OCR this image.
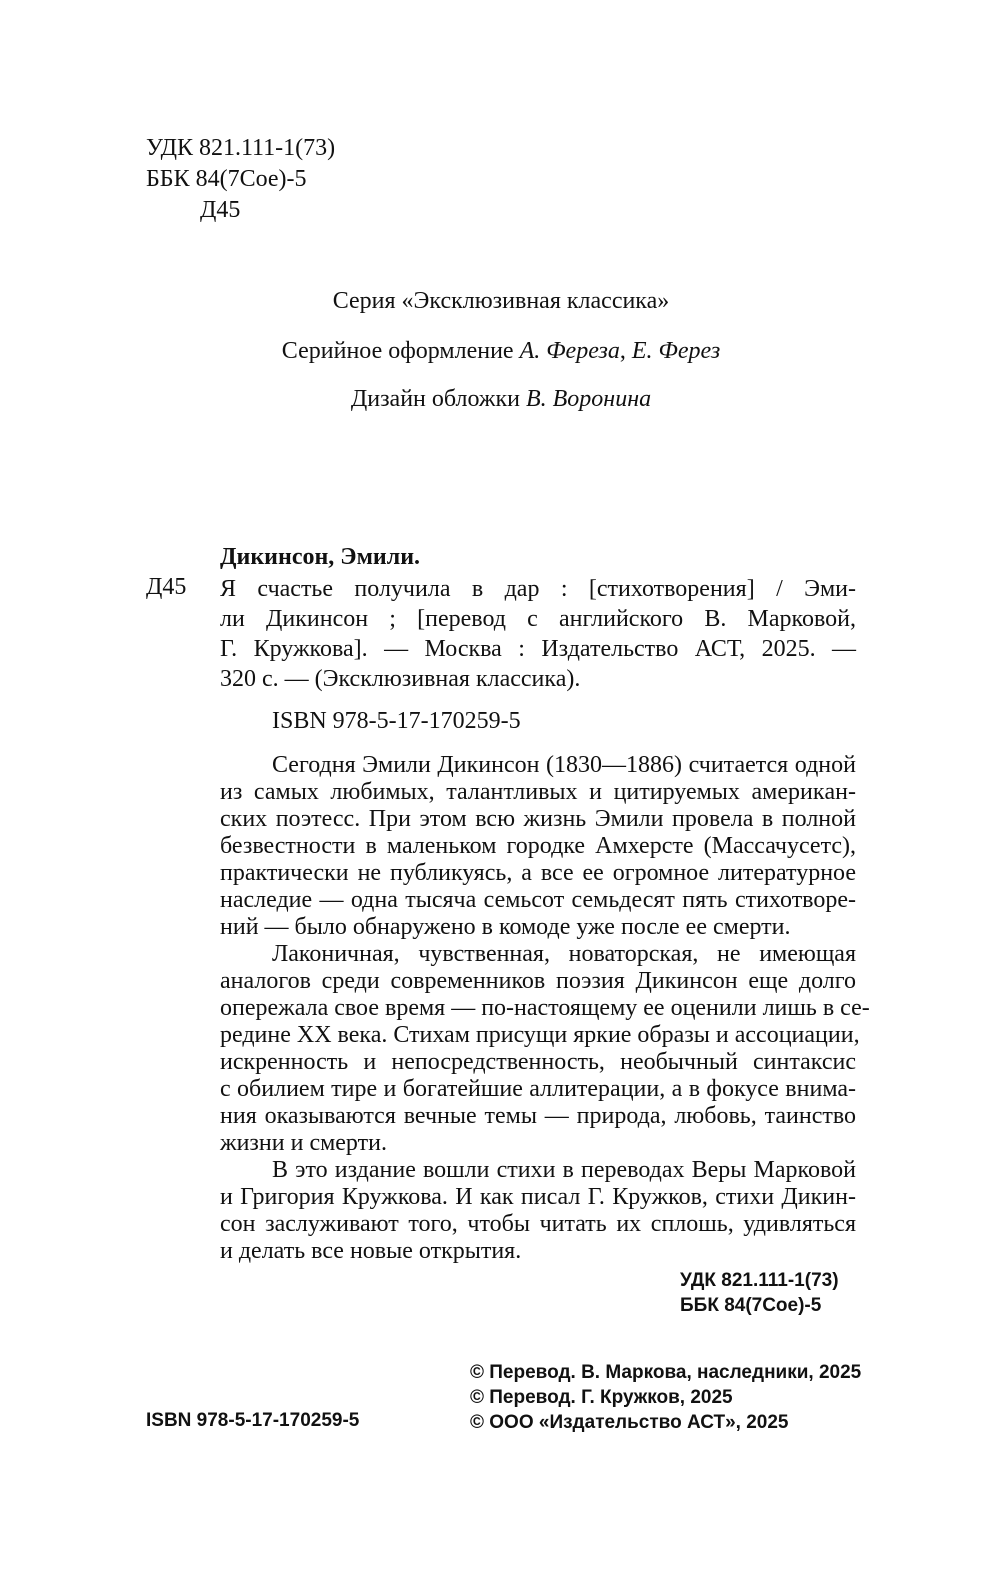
УДК 821.111-1(73)
ББК 84(7Сое)-5
Д45
Серия «Эксклюзивная классика»
Серийное оформление А. Фереза, Е. Ферез
Дизайн обложки В. Воронина
Дикинсон, Эмили.
Д45 Я счастье получила в дар : [стихотворения] / Эми-
ли Дикинсон ; [перевод с английского В. Марковой,
Г. Кружкова]. — Москва : Издательство АСТ, 2025. —
320 с. — (Эксклюзивная классика).
ISBN 978-5-17-170259-5
Сегодня Эмили Дикинсон (1830—1886) считается одной
из самых любимых, талантливых и цитируемых америкaн-
ских поэтесс. При этом всю жизнь Эмили провела в полной
безвестности в маленьком городке Амхерсте (Массачусетс),
практически не публикуясь, а все ее огромное литературное
наследие — одна тысяча семьсот семьдесят пять стихотворе-
ний — было обнаружено в комоде уже после ее смерти.
Лаконичная, чувственная, новаторская, не имеющая
аналогов среди современников поэзия Дикинсон еще долго
опережала свое время — по-настоящему ее оценили лишь в се-
редине XX века. Стихам присущи яркие образы и ассоциации,
искренность и непосредственность, необычный синтаксис
с обилием тире и богатейшие аллитерации, а в фокусе внима-
ния оказываются вечные темы — природа, любовь, таинство
жизни и смерти.
В это издание вошли стихи в переводах Веры Марковой
и Григория Кружкова. И как писал Г. Кружков, стихи Дикин-
сон заслуживают того, чтобы читать их сплошь, удивляться
и делать все новые открытия.
УДК 821.111-1(73)
ББК 84(7Сое)-5
© Перевод. В. Маркова, наследники, 2025
© Перевод. Г. Кружков, 2025
© ООО «Издательство АСТ», 2025
ISBN 978-5-17-170259-5
